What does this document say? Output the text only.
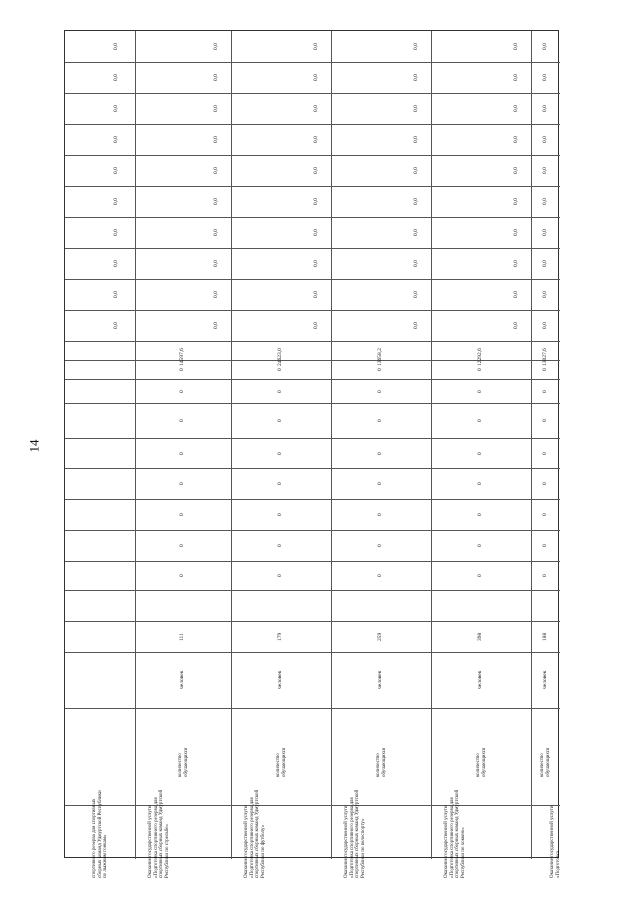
14
спортивного резерва для спортивных сборных команд Удмуртской Республики по лыжным гонкам»
0,0
0,0
0,0
0,0
0,0
0,0
0,0
0,0
0,0
0,0
Оказание государственной услуги «Подготовка спортивного резерва для спортивных сборных команд Удмуртской Республики по стрельбе»
количество обучающихся
человек
111
0
0
0
0
0
0
0
0
14597,6
0,0
0,0
0,0
0,0
0,0
0,0
0,0
0,0
0,0
0,0
Оказание государственной услуги «Подготовка спортивного резерва для спортивных сборных команд Удмуртской Республики по футболу»
количество обучающихся
человек
179
0
0
0
0
0
0
0
0
24623,0
0,0
0,0
0,0
0,0
0,0
0,0
0,0
0,0
0,0
0,0
Оказание государственной услуги «Подготовка спортивного резерва для спортивных сборных команд Удмуртской Республики по велоспорту»
количество обучающихся
человек
259
0
0
0
0
0
0
0
0
13658,2
0,0
0,0
0,0
0,0
0,0
0,0
0,0
0,0
0,0
0,0
Оказание государственной услуги «Подготовка спортивного резерва для спортивных сборных команд Удмуртской Республики по хоккею»
количество обучающихся
человек
398
0
0
0
0
0
0
0
0
12292,6
0,0
0,0
0,0
0,0
0,0
0,0
0,0
0,0
0,0
0,0
Оказание государственной услуги «Подготовка
количество обучающихся
человек
188
0
0
0
0
0
0
0
0
13027,6
0,0
0,0
0,0
0,0
0,0
0,0
0,0
0,0
0,0
0,0
